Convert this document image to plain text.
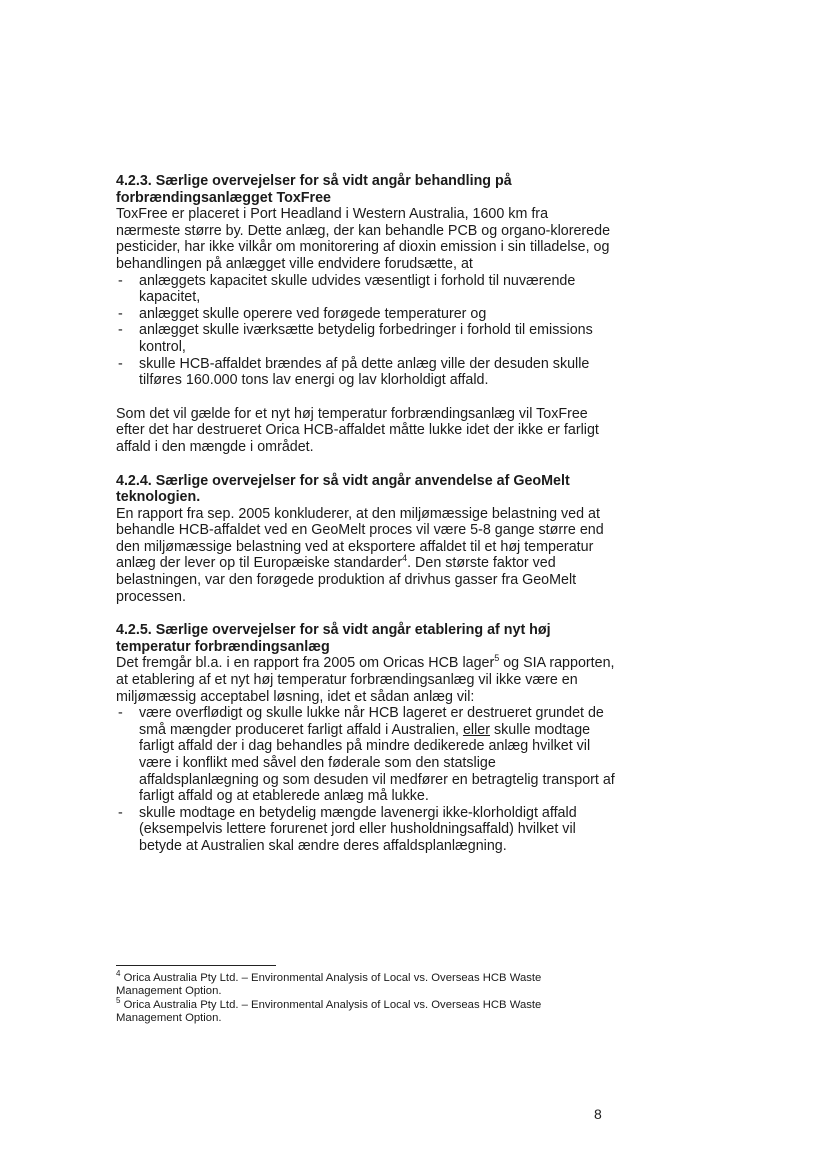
4.2.3. Særlige overvejelser for så vidt angår behandling på forbrændingsanlægget ToxFree

ToxFree er placeret i Port Headland i Western Australia, 1600 km fra nærmeste større by. Dette anlæg, der kan behandle PCB og organo-klorerede pesticider, har ikke vilkår om monitorering af dioxin emission i sin tilladelse, og behandlingen på anlægget ville endvidere forudsætte, at

- anlæggets kapacitet skulle udvides væsentligt i forhold til nuværende kapacitet,
- anlægget skulle operere ved forøgede temperaturer og
- anlægget skulle iværksætte betydelig forbedringer i forhold til emissions kontrol,
- skulle HCB-affaldet brændes af på dette anlæg ville der desuden skulle tilføres 160.000 tons lav energi og lav klorholdigt affald.

Som det vil gælde for et nyt høj temperatur forbrændingsanlæg vil ToxFree efter det har destrueret Orica HCB-affaldet måtte lukke idet der ikke er farligt affald i den mængde i området.

4.2.4. Særlige overvejelser for så vidt angår anvendelse af GeoMelt teknologien.

En rapport fra sep. 2005 konkluderer, at den miljømæssige belastning ved at behandle HCB-affaldet ved en GeoMelt proces vil være 5-8 gange større end den miljømæssige belastning ved at eksportere affaldet til et høj temperatur anlæg der lever op til Europæiske standarder$^4$. Den største faktor ved belastningen, var den forøgede produktion af drivhus gasser fra GeoMelt processen.

4.2.5. Særlige overvejelser for så vidt angår etablering af nyt høj temperatur forbrændingsanlæg

Det fremgår bl.a. i en rapport fra 2005 om Oricas HCB lager$^5$ og SIA rapporten, at etablering af et nyt høj temperatur forbrændingsanlæg vil ikke være en miljømæssig acceptabel løsning, idet et sådan anlæg vil:

- være overflødigt og skulle lukke når HCB lageret er destrueret grundet de små mængder produceret farligt affald i Australien, eller skulle modtage farligt affald der i dag behandles på mindre dedikerede anlæg hvilket vil være i konflikt med såvel den føderale som den statslige affaldsplanlægning og som desuden vil medfører en betragtelig transport af farligt affald og at etablerede anlæg må lukke.
- skulle modtage en betydelig mængde lavenergi ikke-klorholdigt affald (eksempelvis lettere forurenet jord eller husholdningsaffald) hvilket vil betyde at Australien skal ændre deres affaldsplanlægning.

$^4$ Orica Australia Pty Ltd. – Environmental Analysis of Local vs. Overseas HCB Waste Management Option.

$^5$ Orica Australia Pty Ltd. – Environmental Analysis of Local vs. Overseas HCB Waste Management Option.

8
